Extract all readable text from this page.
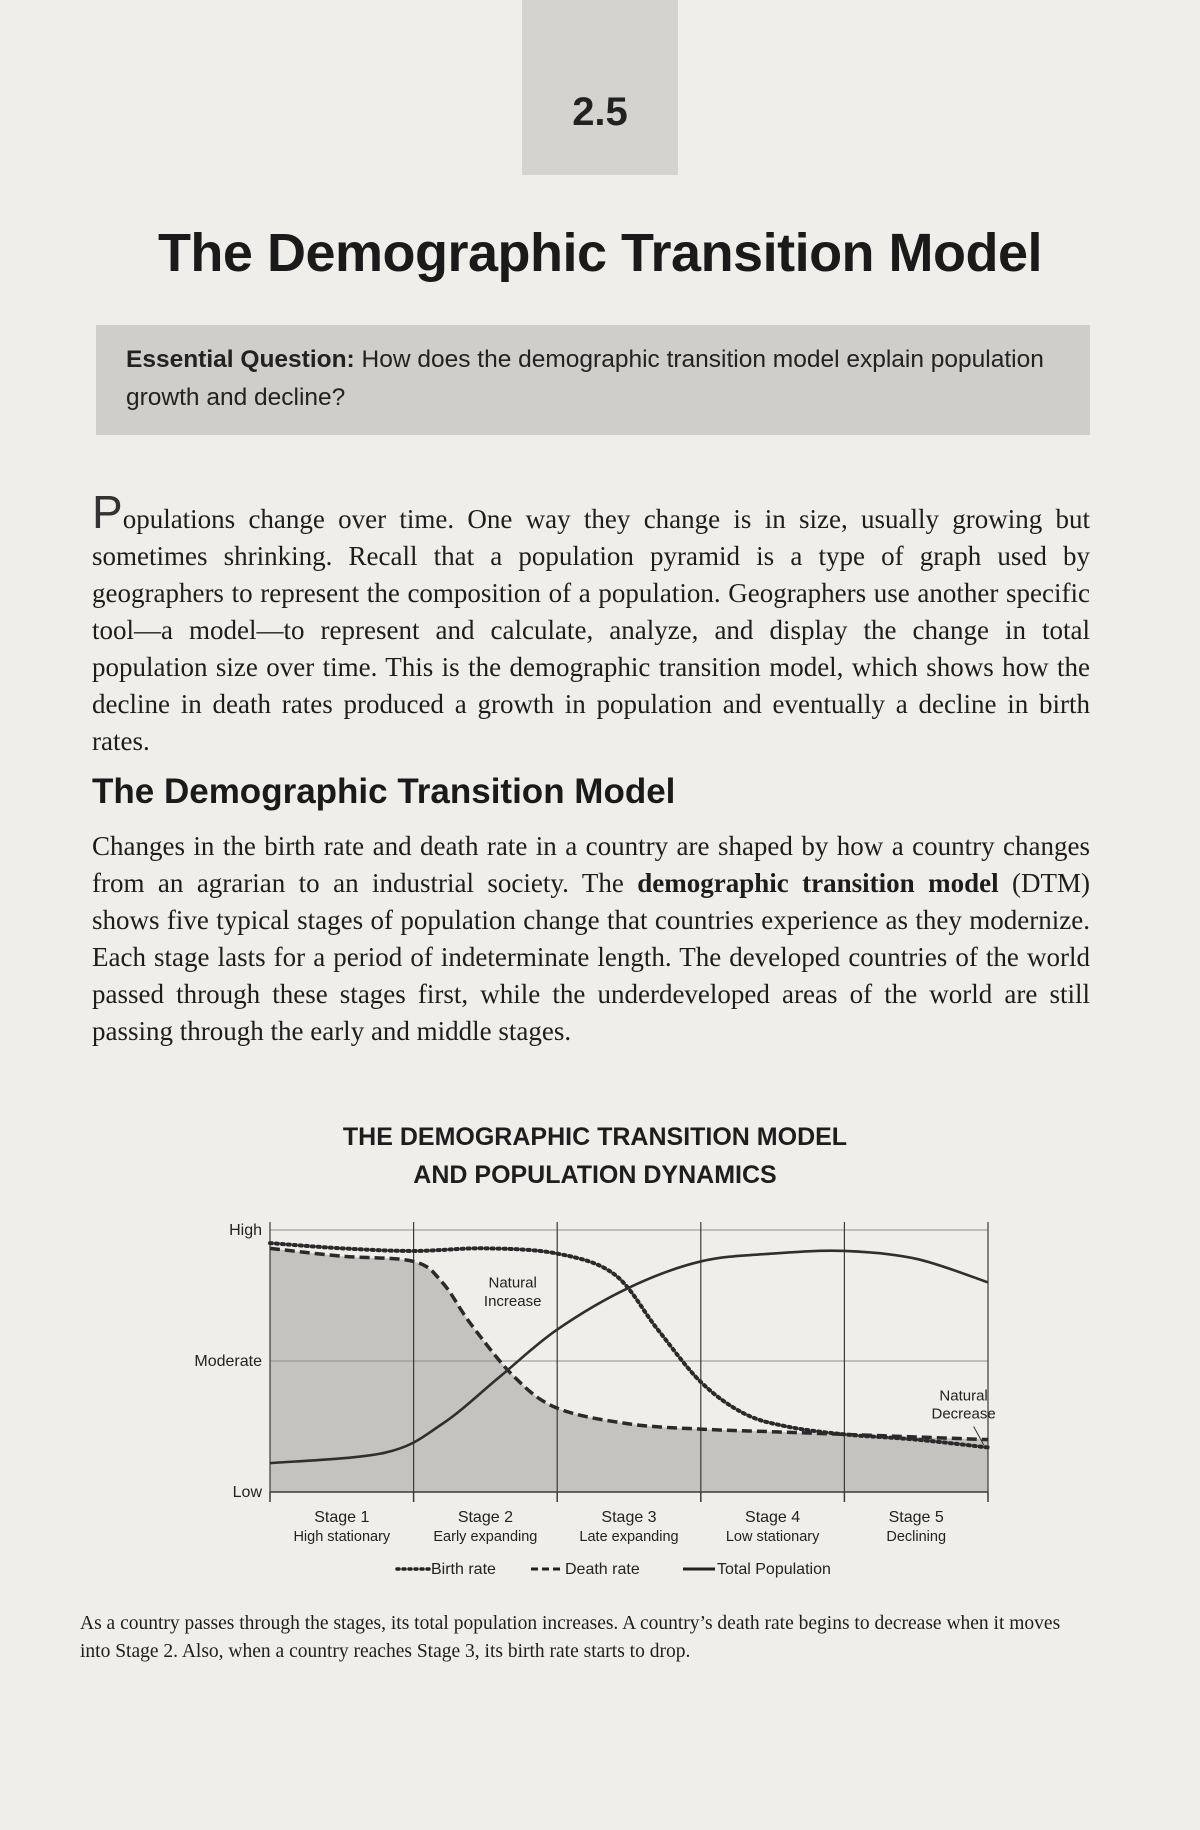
2.5
The Demographic Transition Model
Essential Question: How does the demographic transition model explain population growth and decline?

Populations change over time. One way they change is in size, usually growing but sometimes shrinking. Recall that a population pyramid is a type of graph used by geographers to represent the composition of a population. Geographers use another specific tool—a model—to represent and calculate, analyze, and display the change in total population size over time. This is the demographic transition model, which shows how the decline in death rates produced a growth in population and eventually a decline in birth rates.

The Demographic Transition Model

Changes in the birth rate and death rate in a country are shaped by how a country changes from an agrarian to an industrial society. The demographic transition model (DTM) shows five typical stages of population change that countries experience as they modernize. Each stage lasts for a period of indeterminate length. The developed countries of the world passed through these stages first, while the underdeveloped areas of the world are still passing through the early and middle stages.

THE DEMOGRAPHIC TRANSITION MODEL
AND POPULATION DYNAMICS
High
Moderate
Low
Stage 1
High stationary
Stage 2
Early expanding
Stage 3
Late expanding
Stage 4
Low stationary
Stage 5
Declining
Natural
Increase
Natural
Decrease
Birth rate	Death rate	Total Population

As a country passes through the stages, its total population increases. A country’s death rate begins to decrease when it moves into Stage 2. Also, when a country reaches Stage 3, its birth rate starts to drop.
